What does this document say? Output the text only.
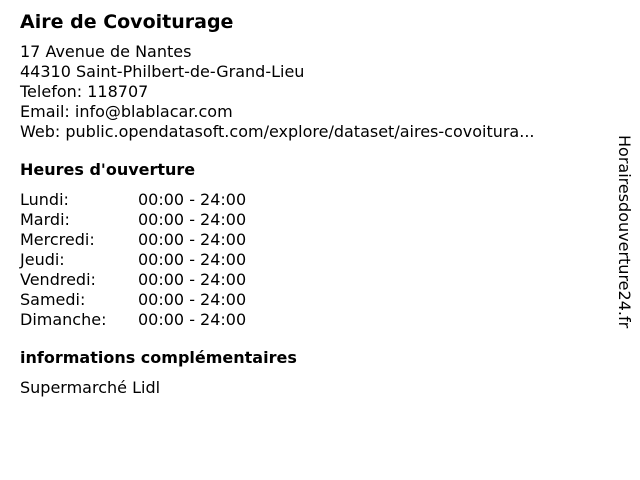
Aire de Covoiturage
17 Avenue de Nantes
44310 Saint-Philbert-de-Grand-Lieu
Telefon: 118707
Email: info@blablacar.com
Web: public.opendatasoft.com/explore/dataset/aires-covoitura...
Heures d'ouverture
Lundi:	00:00 - 24:00
Mardi:	00:00 - 24:00
Mercredi:	00:00 - 24:00
Jeudi:	00:00 - 24:00
Vendredi:	00:00 - 24:00
Samedi:	00:00 - 24:00
Dimanche:	00:00 - 24:00
informations complémentaires
Supermarché Lidl
Horairesdouverture24.fr
